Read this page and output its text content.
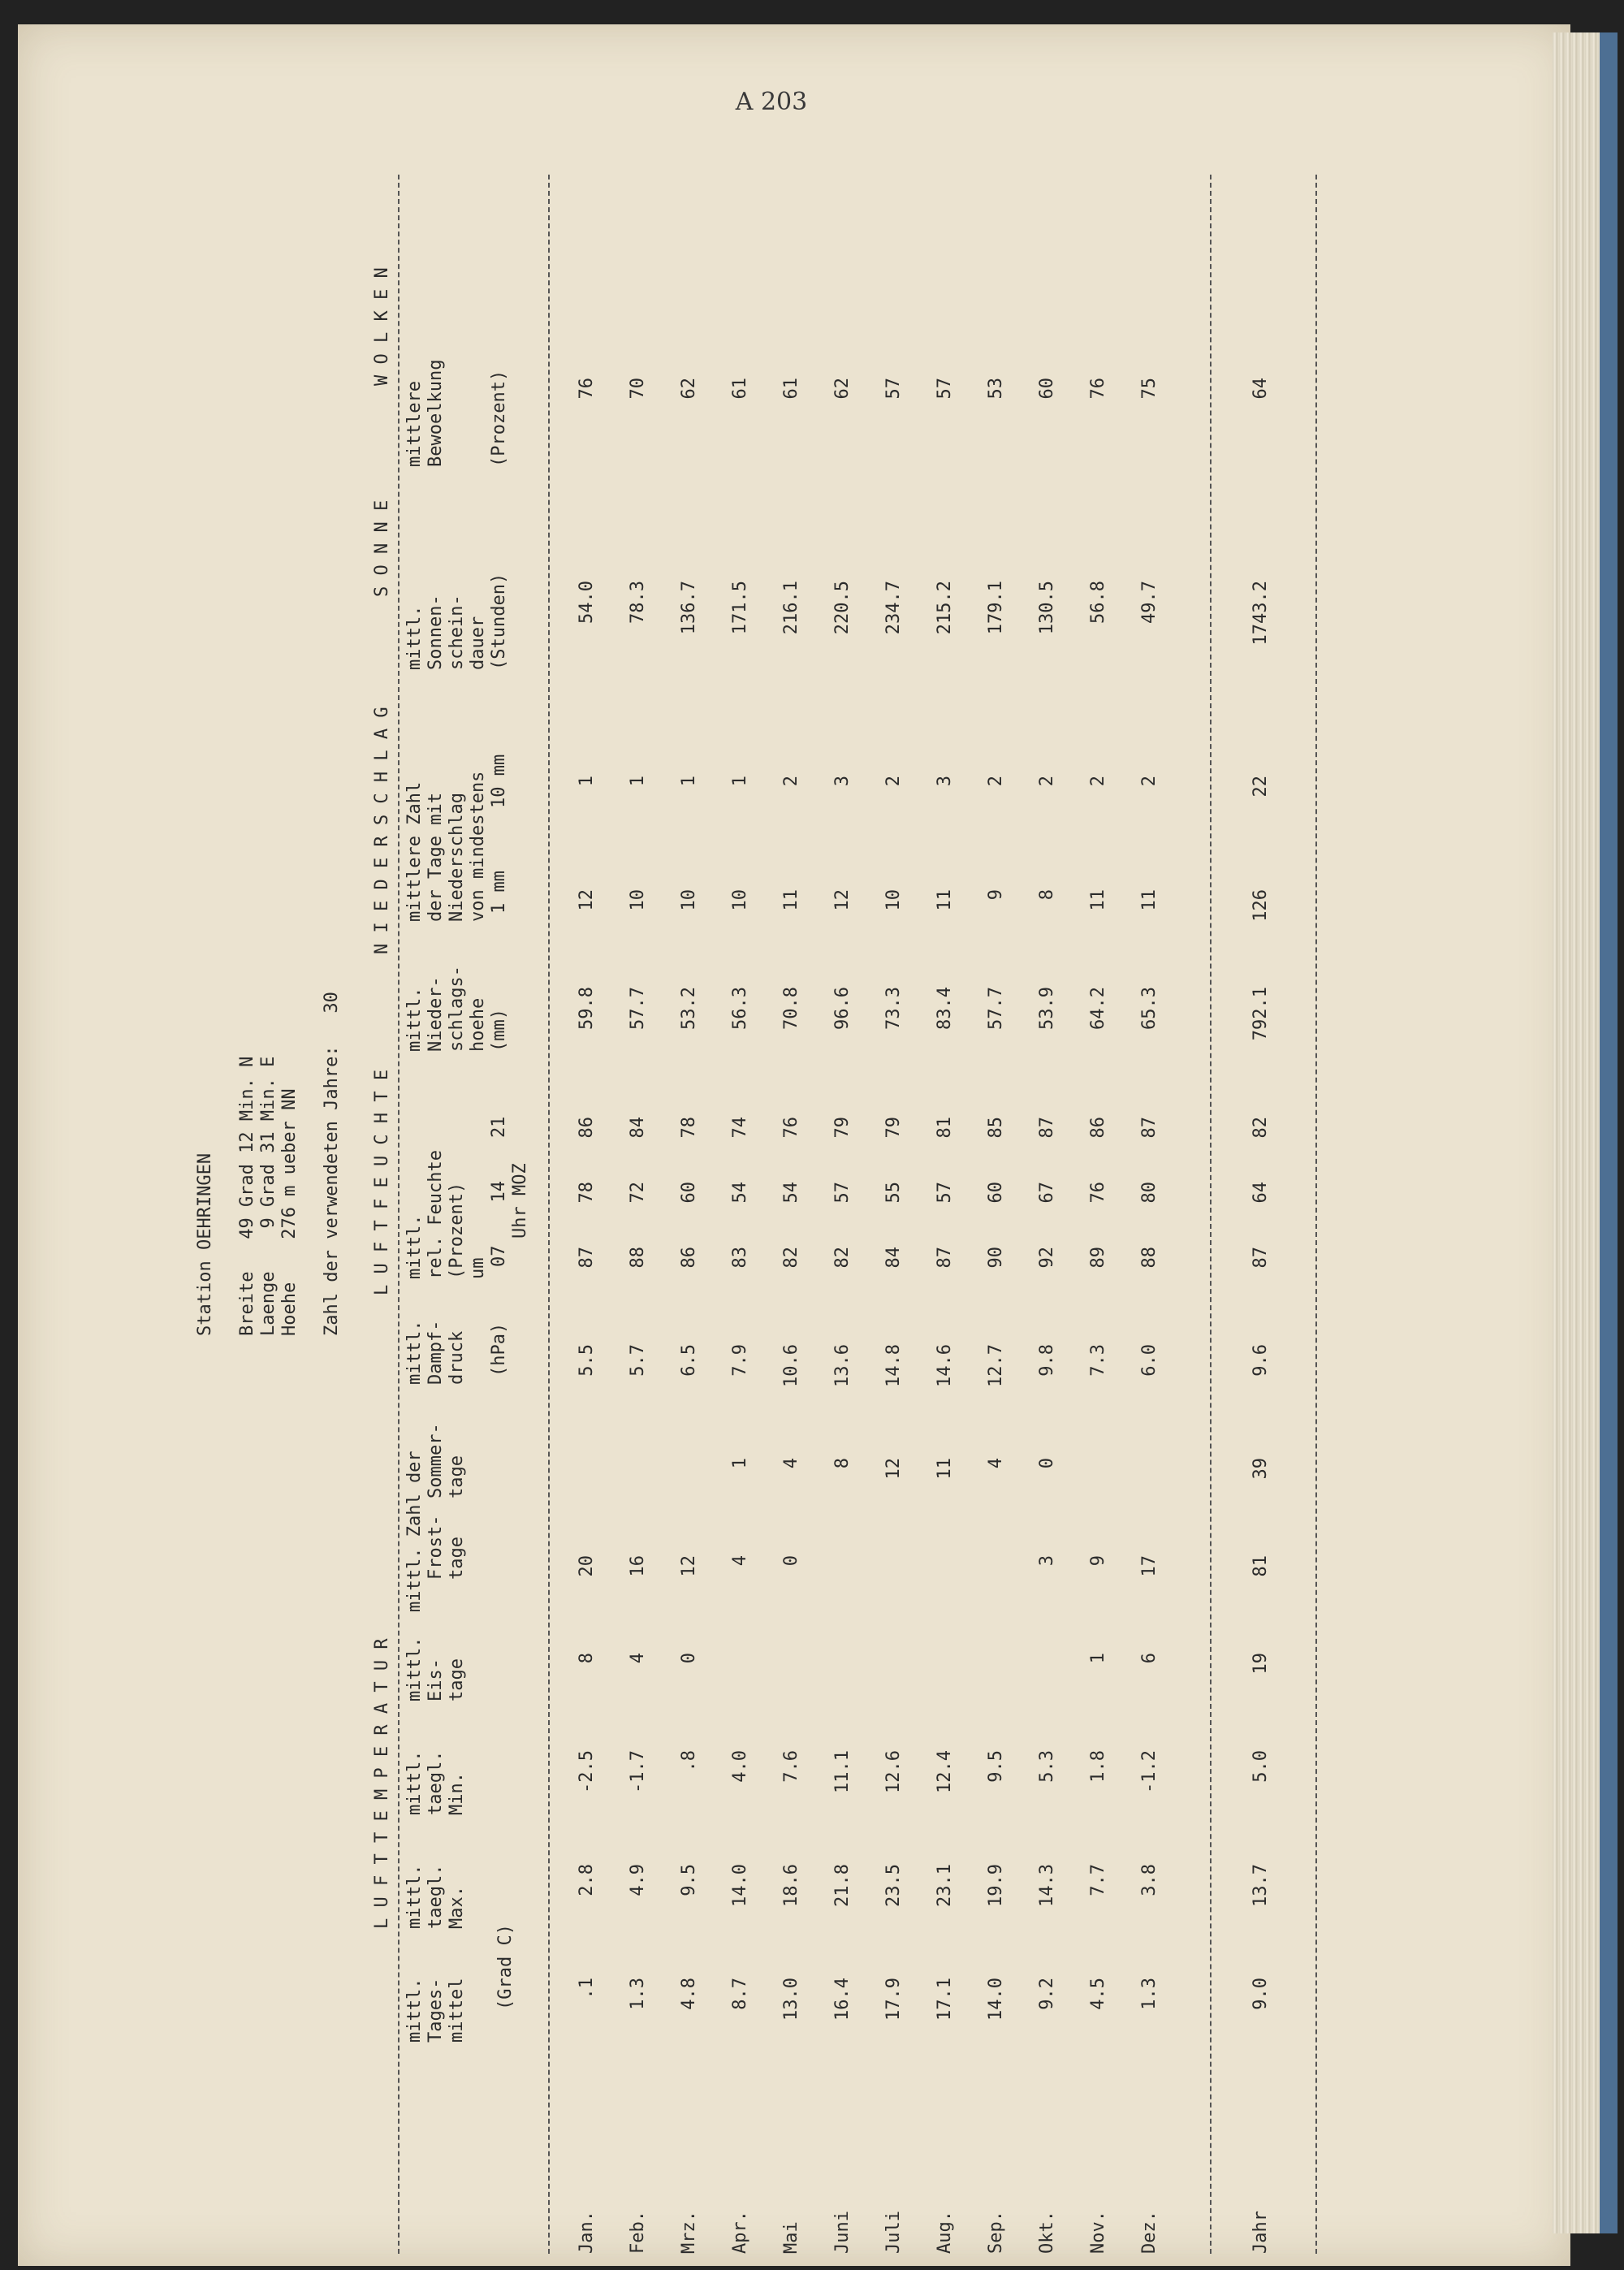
A 203
Station OEHRINGEN Breite   49 Grad 12 Min. N Laenge    9 Grad 31 Min. E Hoehe    276 m ueber NN Zahl der verwendeten Jahre:   30
L U F T T E M P E R A T U R
L U F T F E U C H T E
N I E D E R S C H L A G
S O N N E
W O L K E N
mittl.
Tages-
mittel
(Grad C)
mittl.
taegl.
Max.
mittl.
taegl.
Min.
mittl.
Eis-
tage
mittl. Zahl der Frost-
tage
Sommer-
tage
mittl.
Dampf-
druck (hPa)
mittl.
rel. Feuchte
(Prozent)
um
07    14    21 Uhr MOZ
mittl.
Nieder-
schlags-
hoehe
(mm)
mittlere Zahl
der Tage mit
Niederschlag
von mindestens
1 mm
10 mm
mittl.
Sonnen-
schein-
dauer
(Stunden)
mittlere
Bewoelkung

(Prozent)
Jan.
.1
2.8
-2.5
8
20
5.5
87
78
86
59.8
12
1
54.0
76
Feb.
1.3
4.9
-1.7
4
16
5.7
88
72
84
57.7
10
1
78.3
70
Mrz.
4.8
9.5
.8
0
12
6.5
86
60
78
53.2
10
1
136.7
62
Apr.
8.7
14.0
4.0
4
1
7.9
83
54
74
56.3
10
1
171.5
61
Mai
13.0
18.6
7.6
0
4
10.6
82
54
76
70.8
11
2
216.1
61
Juni
16.4
21.8
11.1
8
13.6
82
57
79
96.6
12
3
220.5
62
Juli
17.9
23.5
12.6
12
14.8
84
55
79
73.3
10
2
234.7
57
Aug.
17.1
23.1
12.4
11
14.6
87
57
81
83.4
11
3
215.2
57
Sep.
14.0
19.9
9.5
4
12.7
90
60
85
57.7
9
2
179.1
53
Okt.
9.2
14.3
5.3
3
0
9.8
92
67
87
53.9
8
2
130.5
60
Nov.
4.5
7.7
1.8
1
9
7.3
89
76
86
64.2
11
2
56.8
76
Dez.
1.3
3.8
-1.2
6
17
6.0
88
80
87
65.3
11
2
49.7
75
Jahr
9.0
13.7
5.0
19
81
39
9.6
87
64
82
792.1
126
22
1743.2
64
